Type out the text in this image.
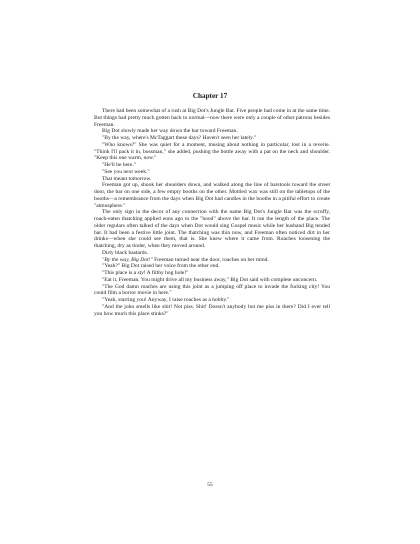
Chapter 17

There had been somewhat of a rush at Big Dot's Jungle Bar. Five people had come in at the same time. But things had pretty much gotten back to normal—now there were only a couple of other patrons besides Freeman.

Big Dot slowly made her way down the bar toward Freeman.

"By the way, where's McTaggart these days? Haven't seen her lately."

"Who knows?" She was quiet for a moment, musing about nothing in particular, lost in a reverie. "Think I'll pack it in, bossman," she added, pushing the bottle away with a pat on the neck and shoulder. "Keep this one warm, now."

"He'll be here."

"See you next week."

That meant tomorrow.

Freeman got up, shook her shoulders down, and walked along the line of barstools toward the street door, the bar on one side, a few empty booths on the other. Mottled wax was still on the tabletops of the booths—a remembrance from the days when Big Dot had candles in the booths in a pitiful effort to create "atmosphere."

The only sign in the decor of any connection with the name Big Dot's Jungle Bar was the scruffy, roach-eaten thatching applied eons ago to the "hood" above the bar. It ran the length of the place. The older regulars often talked of the days when Dot would sing Gospel music while her husband Big tended bar. It had been a festive little joint. The thatching was thin now, and Freeman often noticed dirt in her drinks—when she could see them, that is. She knew where it came from. Roaches loosening the thatching, dry as tinder, when they moved around.

Dirty black bastards.

"By the way, Big Dot!" Freeman turned near the door, roaches on her mind.

"Yeah?" Big Dot raised her voice from the other end.

"This place is a sty! A filthy hog hole!"

"Eat it, Freeman. You might drive all my business away," Big Dot said with complete unconcern.

"The God damn roaches are using this joint as a jumping off place to invade the fucking city! You could film a horror movie in here."

"Yeah, starring you! Anyway, I raise roaches as a hobby."

"And the john smells like shit! Not piss. Shit! Doesn't anybody but me piss in there? Did I ever tell you how much this place stinks?"

55
